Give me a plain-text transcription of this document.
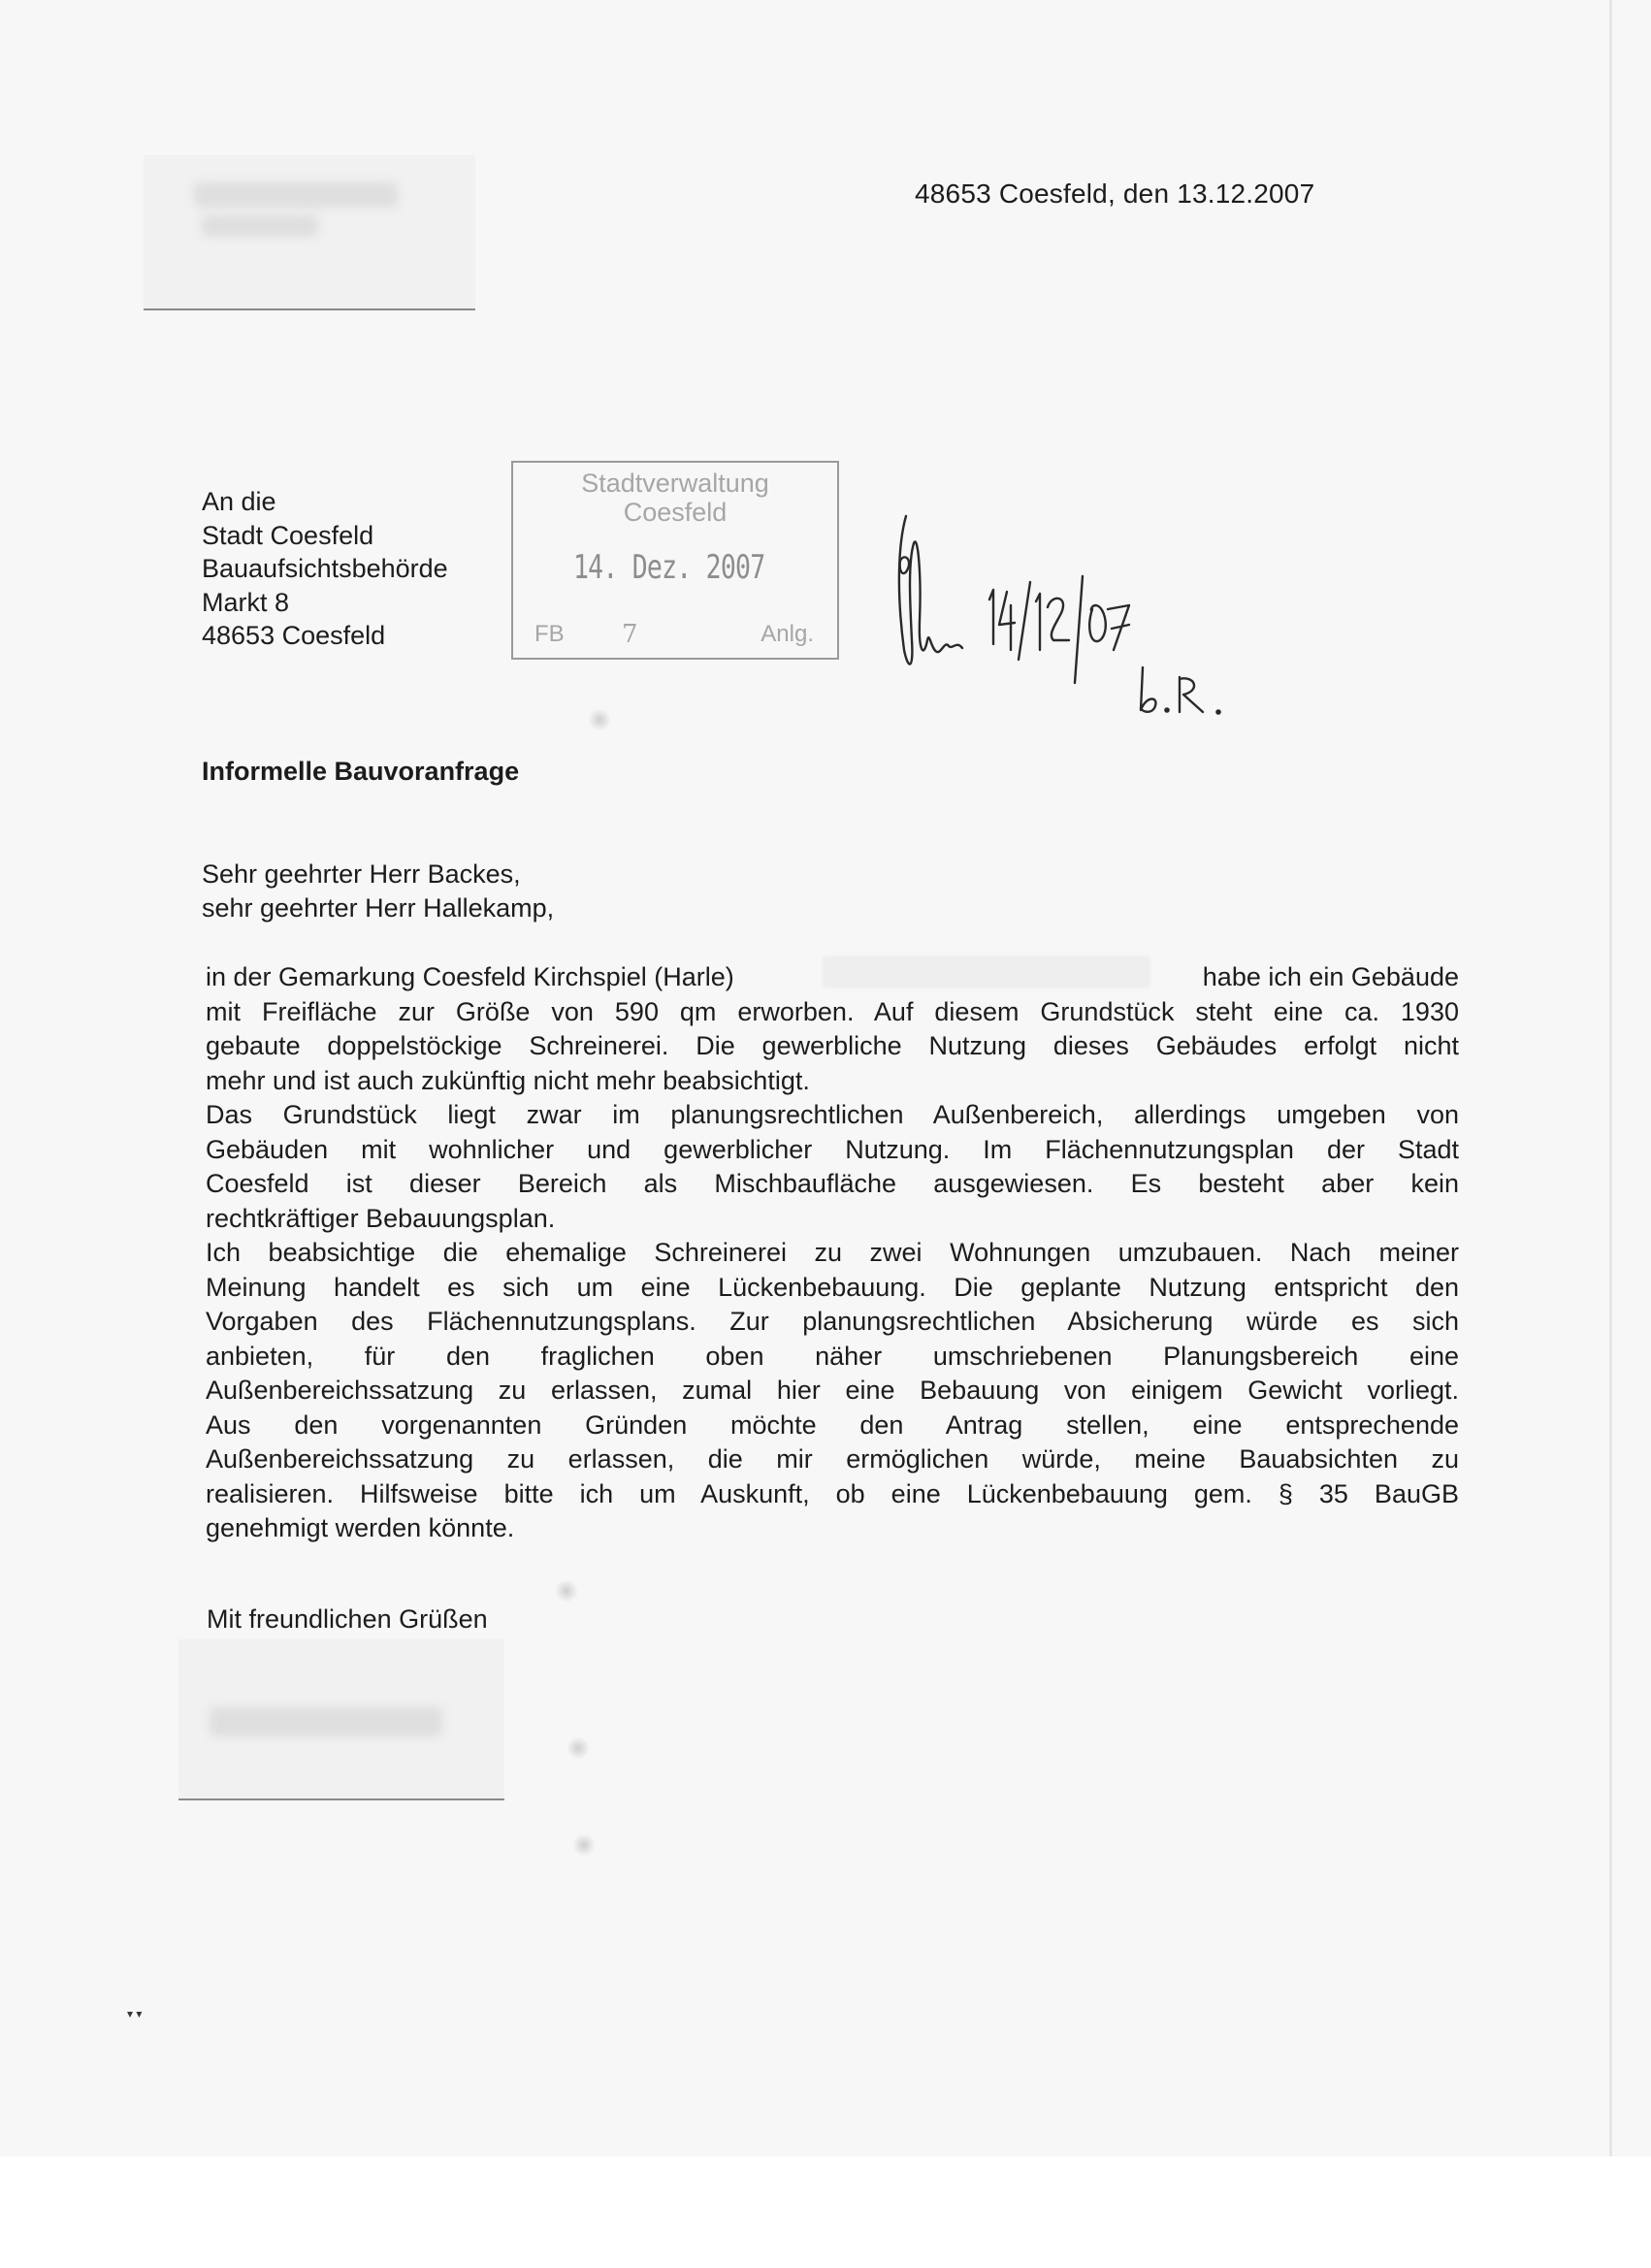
48653 Coesfeld, den 13.12.2007
An die
Stadt Coesfeld
Bauaufsichtsbehörde
Markt 8
48653 Coesfeld
Stadtverwaltung
Coesfeld
14. Dez. 2007
FB 7	Anlg.
Informelle Bauvoranfrage
Sehr geehrter Herr Backes,
sehr geehrter Herr Hallekamp,
in der Gemarkung Coesfeld Kirchspiel (Harle)	habe ich ein Gebäude
mit Freifläche zur Größe von 590 qm erworben. Auf diesem Grundstück steht eine ca. 1930
gebaute doppelstöckige Schreinerei. Die gewerbliche Nutzung dieses Gebäudes erfolgt nicht
mehr und ist auch zukünftig nicht mehr beabsichtigt.
Das Grundstück liegt zwar im planungsrechtlichen Außenbereich, allerdings umgeben von
Gebäuden mit wohnlicher und gewerblicher Nutzung. Im Flächennutzungsplan der Stadt
Coesfeld ist dieser Bereich als Mischbaufläche ausgewiesen. Es besteht aber kein
rechtkräftiger Bebauungsplan.
Ich beabsichtige die ehemalige Schreinerei zu zwei Wohnungen umzubauen. Nach meiner
Meinung handelt es sich um eine Lückenbebauung. Die geplante Nutzung entspricht den
Vorgaben des Flächennutzungsplans. Zur planungsrechtlichen Absicherung würde es sich
anbieten, für den fraglichen oben näher umschriebenen Planungsbereich eine
Außenbereichssatzung zu erlassen, zumal hier eine Bebauung von einigem Gewicht vorliegt.
Aus den vorgenannten Gründen möchte den Antrag stellen, eine entsprechende
Außenbereichssatzung zu erlassen, die mir ermöglichen würde, meine Bauabsichten zu
realisieren. Hilfsweise bitte ich um Auskunft, ob eine Lückenbebauung gem. § 35 BauGB
genehmigt werden könnte.
Mit freundlichen Grüßen
▾ ▾
